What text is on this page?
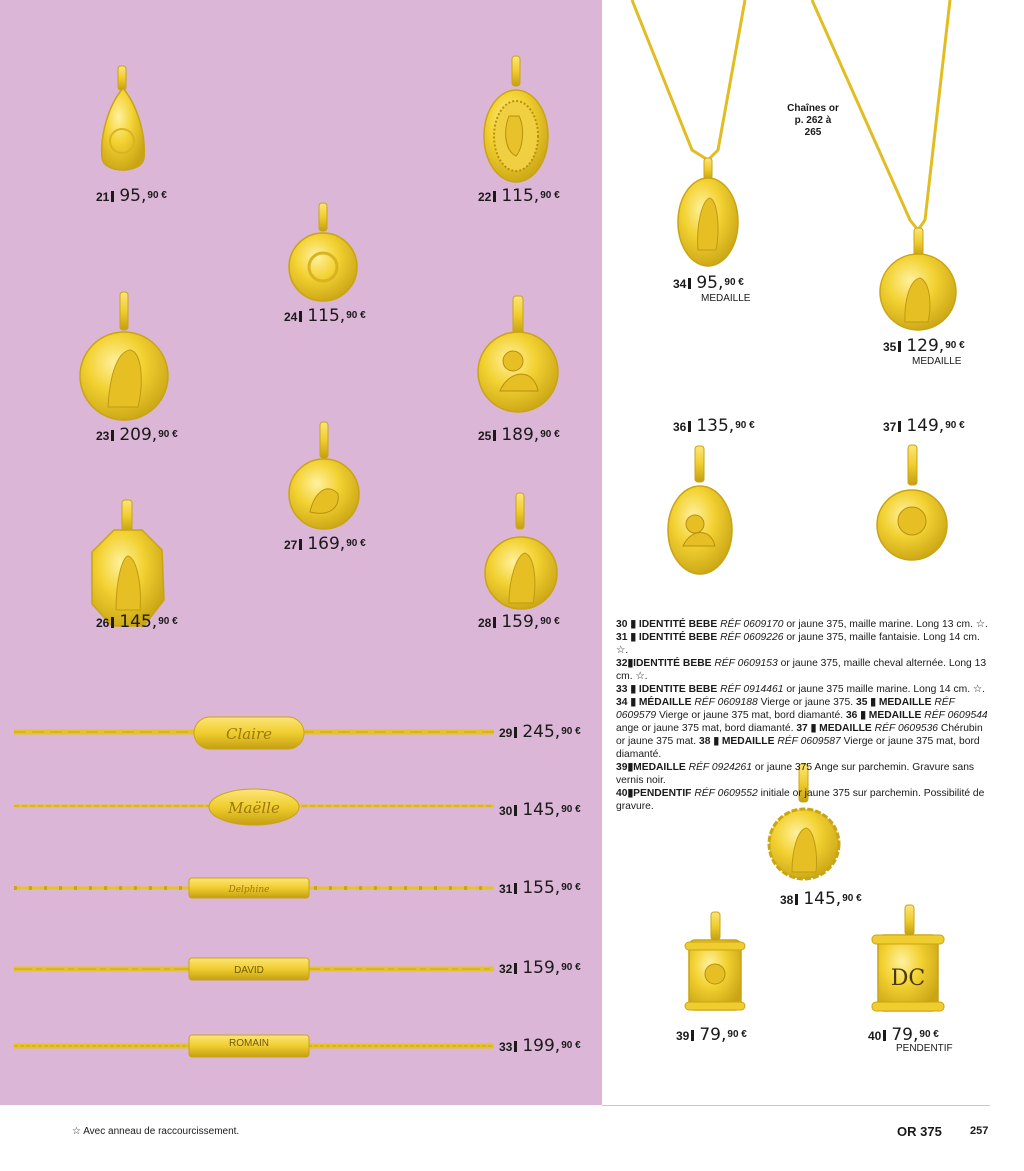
Claire
Maëlle
Delphine
DAVID
ROMAIN
DC
21 95,90 €	22 115,90 €
24 115,90 €
23 209,90 €	25 189,90 €
27 169,90 €
26 145,90 €	28 159,90 €
29 245,90 €
30 145,90 €
31 155,90 €
32 159,90 €
33 199,90 €
34 95,90 €
MEDAILLE
35 129,90 €
MEDAILLE
36 135,90 €	37 149,90 €
38 145,90 €
39 79,90 €	40 79,90 €
PENDENTIF
Chaînes or p. 262 à 265

30 ▮ IDENTITÉ BEBE RÉF 0609170 or jaune 375, maille marine. Long 13 cm. ☆.

31 ▮ IDENTITÉ BEBE RÉF 0609226 or jaune 375, maille fantaisie. Long 14 cm. ☆.

32▮IDENTITÉ BEBE RÉF 0609153 or jaune 375, maille cheval alternée. Long 13 cm. ☆.

33 ▮ IDENTITE BEBE RÉF 0914461 or jaune 375 maille marine. Long 14 cm. ☆.

34 ▮ MÉDAILLE RÉF 0609188 Vierge or jaune 375. 35 ▮ MEDAILLE RÉF 0609579 Vierge or jaune 375 mat, bord diamanté. 36 ▮ MEDAILLE RÉF 0609544 ange or jaune 375 mat, bord diamanté. 37 ▮ MEDAILLE RÉF 0609536 Chérubin or jaune 375 mat. 38 ▮ MEDAILLE RÉF 0609587 Vierge or jaune 375 mat, bord diamanté.

39▮MEDAILLE RÉF 0924261 or jaune 375 Ange sur parchemin. Gravure sans vernis noir.

40▮PENDENTIF RÉF 0609552 initiale or jaune 375 sur parchemin. Possibilité de gravure.

☆ Avec anneau de raccourcissement.	OR 375	257
